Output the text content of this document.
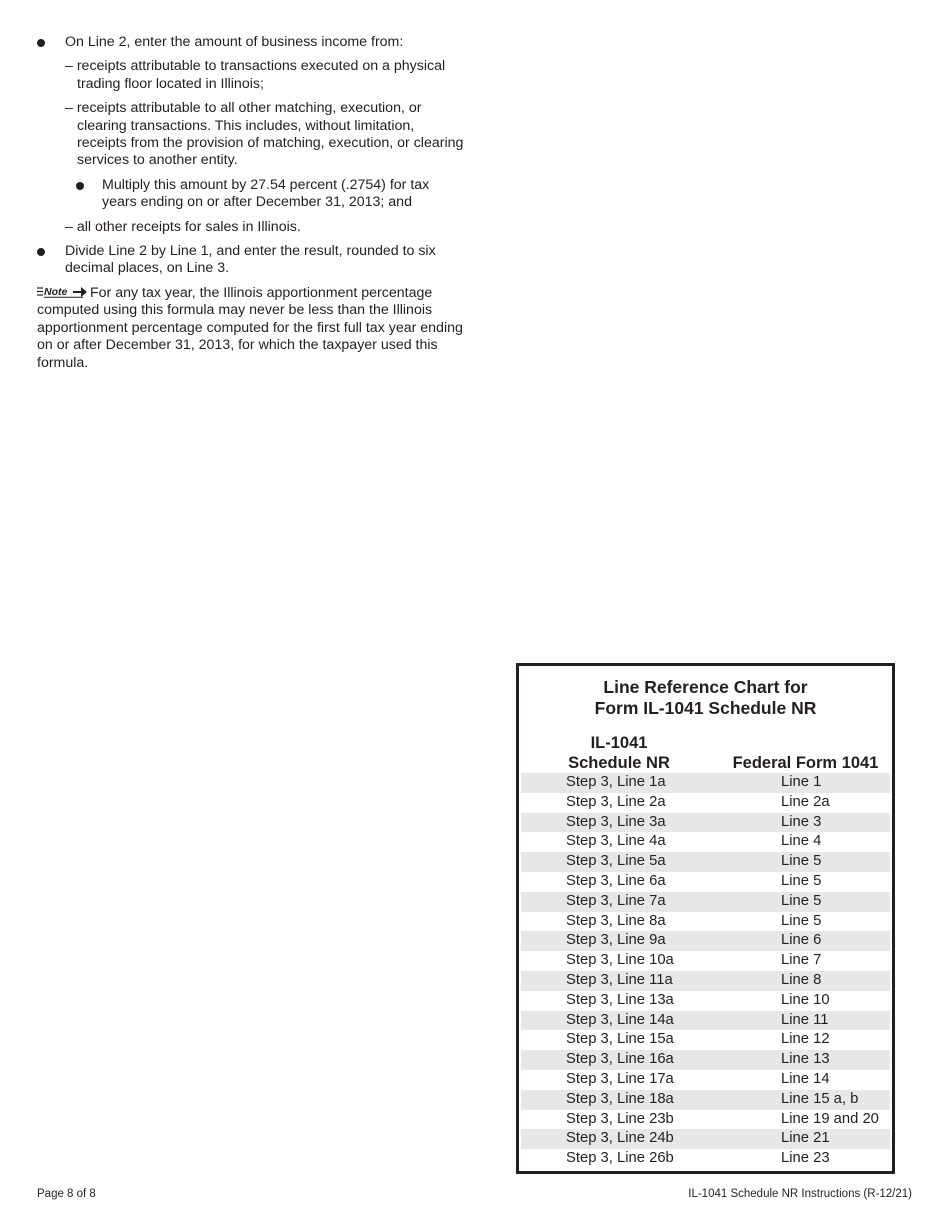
On Line 2, enter the amount of business income from:
– receipts attributable to transactions executed on a physical trading floor located in Illinois;
– receipts attributable to all other matching, execution, or clearing transactions. This includes, without limitation, receipts from the provision of matching, execution, or clearing services to another entity.
Multiply this amount by 27.54 percent (.2754) for tax years ending on or after December 31, 2013; and
– all other receipts for sales in Illinois.
Divide Line 2 by Line 1, and enter the result, rounded to six decimal places, on Line 3.
Note For any tax year, the Illinois apportionment percentage computed using this formula may never be less than the Illinois apportionment percentage computed for the first full tax year ending on or after December 31, 2013, for which the taxpayer used this formula.
Line Reference Chart for
Form IL-1041 Schedule NR
IL-1041
Schedule NR	Federal Form 1041
Step 3, Line 1a	Line 1
Step 3, Line 2a	Line 2a
Step 3, Line 3a	Line 3
Step 3, Line 4a	Line 4
Step 3, Line 5a	Line 5
Step 3, Line 6a	Line 5
Step 3, Line 7a	Line 5
Step 3, Line 8a	Line 5
Step 3, Line 9a	Line 6
Step 3, Line 10a	Line 7
Step 3, Line 11a	Line 8
Step 3, Line 13a	Line 10
Step 3, Line 14a	Line 11
Step 3, Line 15a	Line 12
Step 3, Line 16a	Line 13
Step 3, Line 17a	Line 14
Step 3, Line 18a	Line 15 a, b
Step 3, Line 23b	Line 19 and 20
Step 3, Line 24b	Line 21
Step 3, Line 26b	Line 23
Page 8 of 8	IL-1041 Schedule NR Instructions (R-12/21)
